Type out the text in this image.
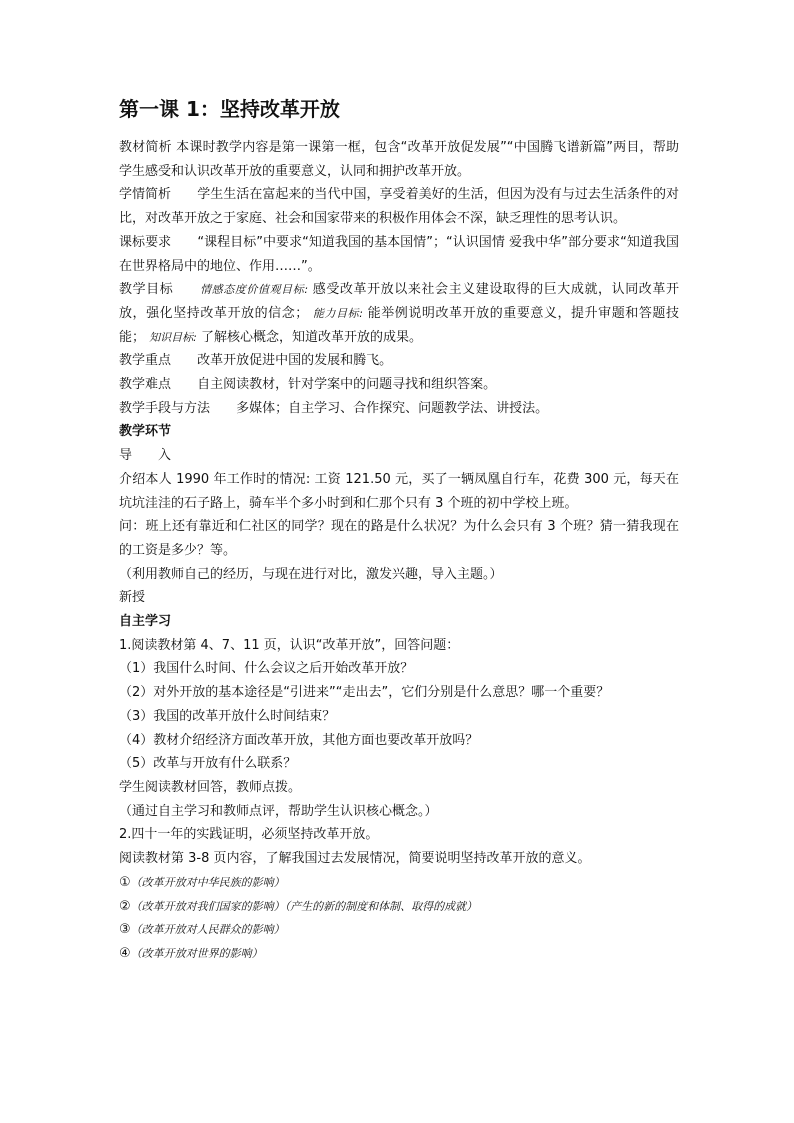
第一课 1：坚持改革开放

教材简析 本课时教学内容是第一课第一框，包含“改革开放促发展”“中国腾飞谱新篇”两目，帮助学生感受和认识改革开放的重要意义，认同和拥护改革开放。

学情简析 学生生活在富起来的当代中国，享受着美好的生活，但因为没有与过去生活条件的对比，对改革开放之于家庭、社会和国家带来的积极作用体会不深，缺乏理性的思考认识。

课标要求 “课程目标”中要求“知道我国的基本国情”；“认识国情 爱我中华”部分要求“知道我国在世界格局中的地位、作用……”。

教学目标 情感态度价值观目标: 感受改革开放以来社会主义建设取得的巨大成就，认同改革开放，强化坚持改革开放的信念； 能力目标: 能举例说明改革开放的重要意义，提升审题和答题技能； 知识目标: 了解核心概念，知道改革开放的成果。

教学重点 改革开放促进中国的发展和腾飞。

教学难点 自主阅读教材，针对学案中的问题寻找和组织答案。

教学手段与方法 多媒体；自主学习、合作探究、问题教学法、讲授法。

教学环节

导　　入

介绍本人 1990 年工作时的情况: 工资 121.50 元，买了一辆凤凰自行车，花费 300 元，每天在坑坑洼洼的石子路上，骑车半个多小时到和仁那个只有 3 个班的初中学校上班。

问：班上还有靠近和仁社区的同学？现在的路是什么状况？为什么会只有 3 个班？猜一猜我现在的工资是多少？等。

（利用教师自己的经历，与现在进行对比，激发兴趣，导入主题。）

新授

自主学习

1.阅读教材第 4、7、11 页，认识“改革开放”，回答问题：

（1）我国什么时间、什么会议之后开始改革开放？

（2）对外开放的基本途径是“引进来”“走出去”，它们分别是什么意思？哪一个重要？

（3）我国的改革开放什么时间结束？

（4）教材介绍经济方面改革开放，其他方面也要改革开放吗？

（5）改革与开放有什么联系？

学生阅读教材回答，教师点拨。

（通过自主学习和教师点评，帮助学生认识核心概念。）

2.四十一年的实践证明，必须坚持改革开放。

阅读教材第 3-8 页内容，了解我国过去发展情况，简要说明坚持改革开放的意义。

①（改革开放对中华民族的影响）

②（改革开放对我们国家的影响）（产生的新的制度和体制、取得的成就）

③（改革开放对人民群众的影响）

④（改革开放对世界的影响）
